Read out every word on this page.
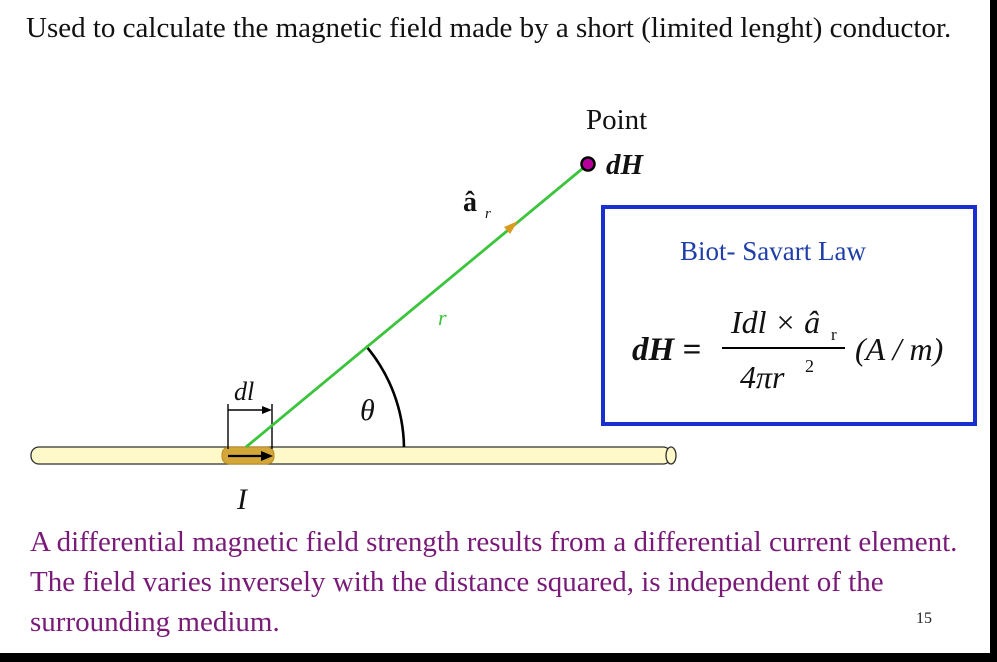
Used to calculate the magnetic field made by a short (limited lenght) conductor.
Point
dH
â r
r
θ
dl
I
Biot- Savart Law
dH =
Idl × â r
4πr 2 (A / m)
A differential magnetic field strength results from a differential current element. The field varies inversely with the distance squared, is independent of the surrounding medium.	15
